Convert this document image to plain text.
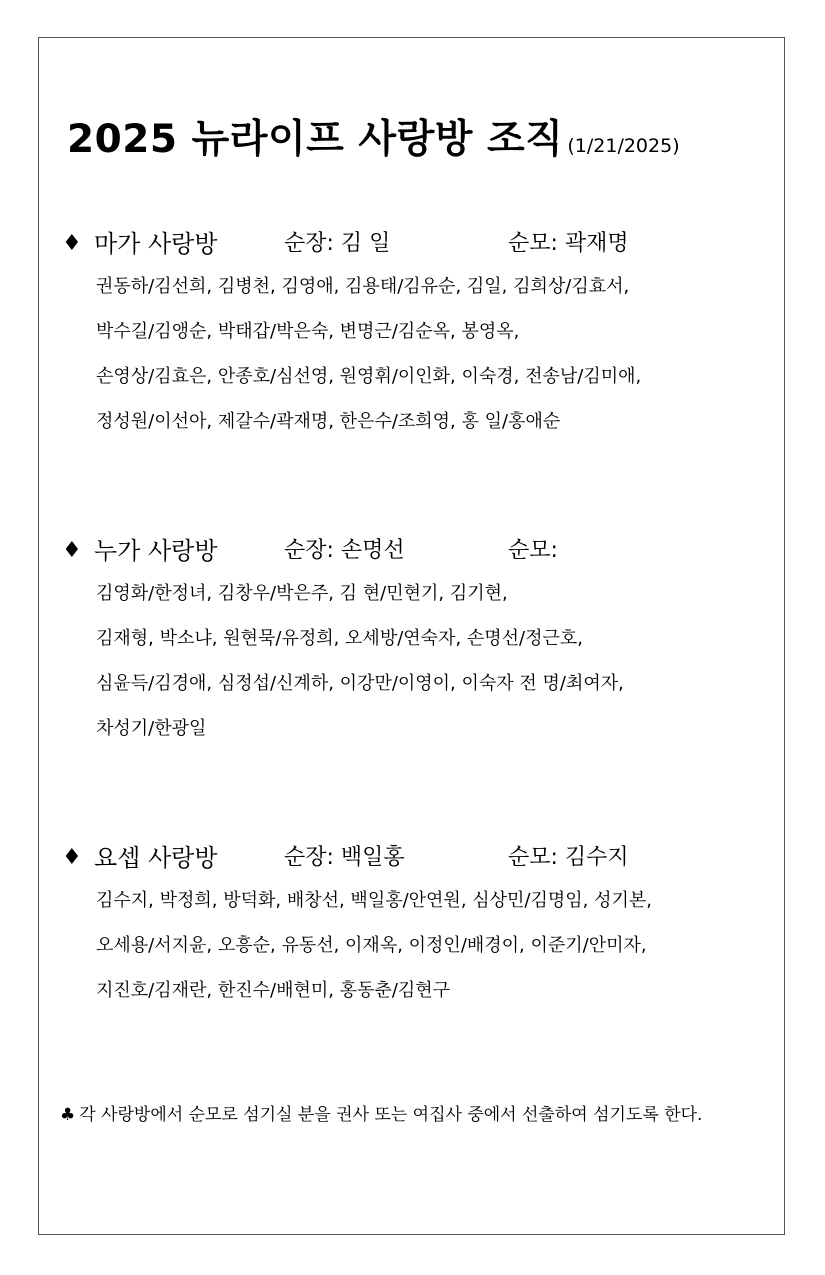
2025 뉴라이프 사랑방 조직 (1/21/2025)
♦ 마가 사랑방	순장: 김 일	순모: 곽재명
권동하/김선희, 김병천, 김영애, 김용태/김유순, 김일, 김희상/김효서,
박수길/김앵순, 박태갑/박은숙, 변명근/김순옥, 봉영옥,
손영상/김효은, 안종호/심선영, 원영휘/이인화, 이숙경, 전송남/김미애,
정성원/이선아, 제갈수/곽재명, 한은수/조희영, 홍 일/홍애순
♦ 누가 사랑방	순장: 손명선	순모:
김영화/한정녀, 김창우/박은주, 김 현/민현기, 김기현,
김재형, 박소냐, 원현묵/유정희, 오세방/연숙자, 손명선/정근호,
심윤득/김경애, 심정섭/신계하, 이강만/이영이, 이숙자 전 명/최여자,
차성기/한광일
♦ 요셉 사랑방	순장: 백일홍	순모: 김수지
김수지, 박정희, 방덕화, 배창선, 백일홍/안연원, 심상민/김명임, 성기본,
오세용/서지윤, 오흥순, 유동선, 이재옥, 이정인/배경이, 이준기/안미자,
지진호/김재란, 한진수/배현미, 홍동춘/김현구
♣ 각 사랑방에서 순모로 섬기실 분을 권사 또는 여집사 중에서 선출하여 섬기도록 한다.
